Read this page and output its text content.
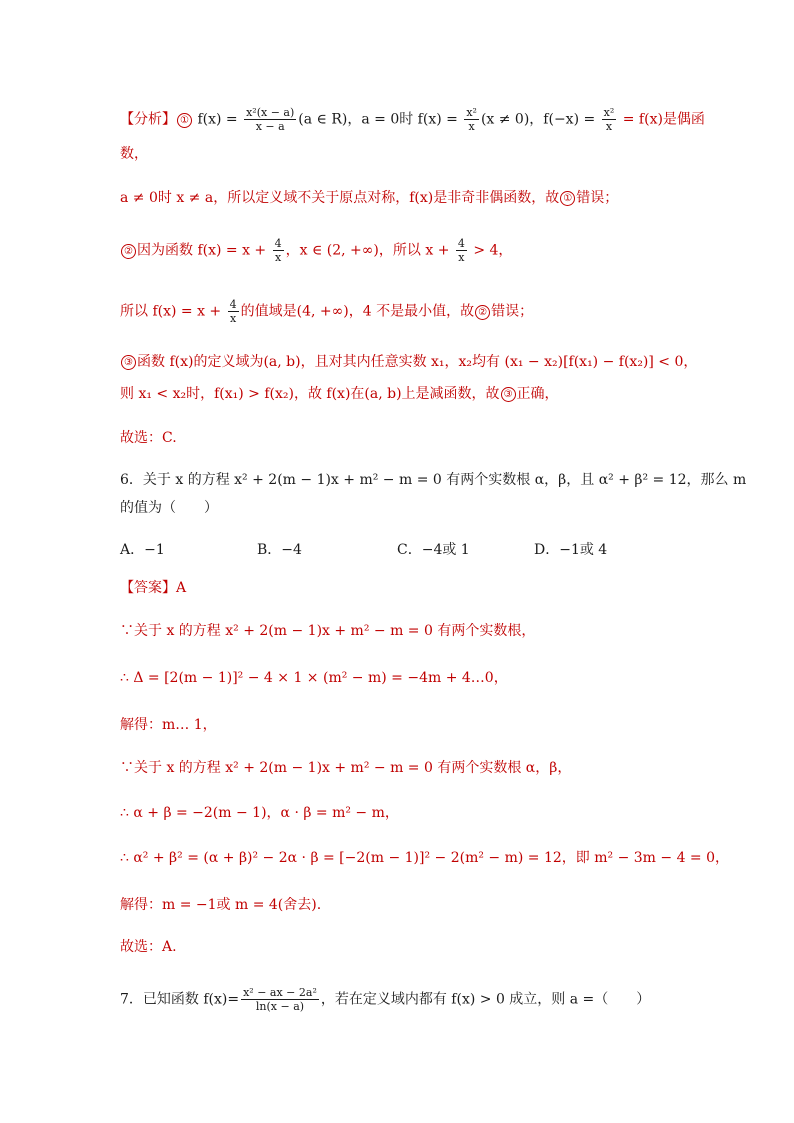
【分析】 ① $f(x) = \frac{\text{x²(x − a)}}{x - a} (a$ ∈ R)，a = 0时 $f(x) = \frac{\text{x²}}{x} (x \ne 0)$，$f(-x) = \frac{\text{x²}}{x} = f(x)$是偶函
数，
a ≠ 0时 x ≠ a，所以定义域不关于原点对称，f(x)是非奇非偶函数，故 ① 错误；
② 因为函数 $f(x) = x + \frac{4}{x}$ ，x ∈ (2, +∞)，所以 $x + \frac{4}{x} > 4$，
所以 $f(x) = x + \frac{4}{x}$ 的值域是(4, +∞)，4 不是最小值，故 ② 错误；
③ 函数 f(x)的定义域为(a, b)，且对其内任意实数 x₁，x₂均有 (x₁ − x₂)[f(x₁) − f(x₂)] < 0，
则 x₁ < x₂时，f(x₁) > f(x₂)，故 f(x)在(a, b)上是减函数，故 ③ 正确，
故选：C.
6．关于 x 的方程 x² + 2(m − 1)x + m² − m = 0 有两个实数根 α，β，且 α² + β² = 12，那么 m
的值为（　　）
A．−1	B．−4	C．−4或 1	D．−1或 4
【答案】A
∵关于 x 的方程 x² + 2(m − 1)x + m² − m = 0 有两个实数根，
∴ Δ = [2(m − 1)]² − 4 × 1 × (m² − m) = −4m + 4…0，
解得：m… 1，
∵关于 x 的方程 x² + 2(m − 1)x + m² − m = 0 有两个实数根 α，β，
∴ α + β = −2(m − 1)，α · β = m² − m，
∴ α² + β² = (α + β)² − 2α · β = [−2(m − 1)]² − 2(m² − m) = 12，即 m² − 3m − 4 = 0，
解得：m = −1或 m = 4(舍去).
故选：A.
7．已知函数 $f(x)= \frac{\text{x² − ax − 2a²}}{\ln(x - a)}$ ，若在定义域内都有 f(x) > 0 成立，则 a =（　　）
